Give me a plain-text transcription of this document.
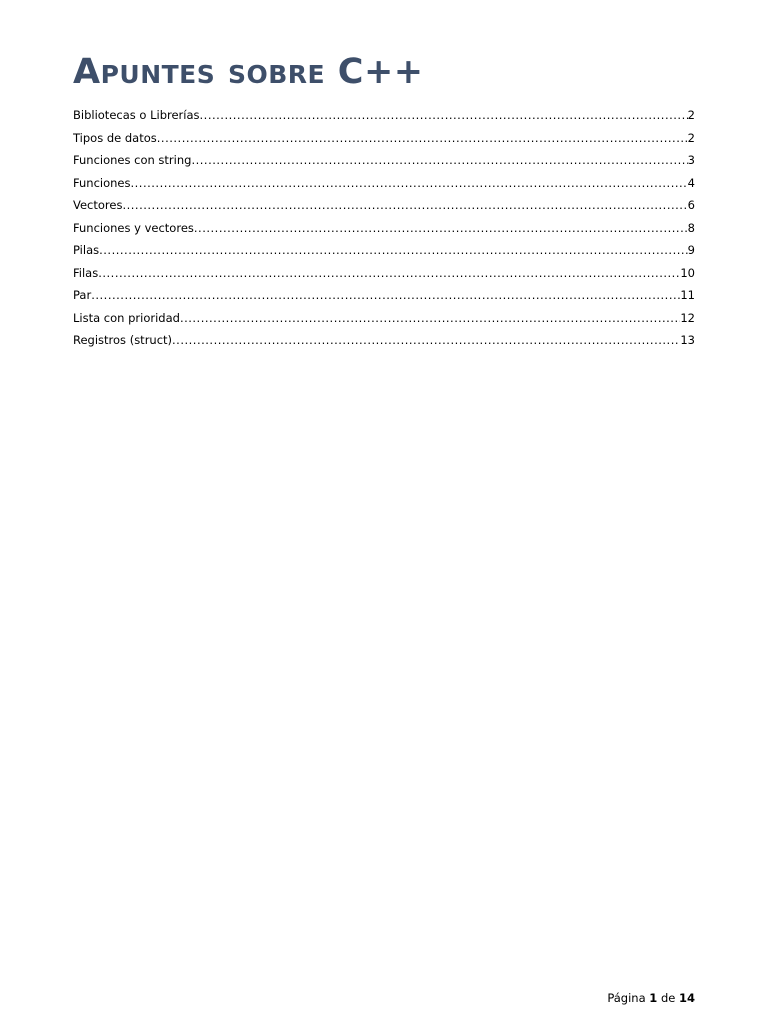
Apuntes sobre C++
Bibliotecas o Librerías .....	2
Tipos de datos .....	2
Funciones con string .....	3
Funciones .....	4
Vectores .....	6
Funciones y vectores .....	8
Pilas .....	9
Filas .....	10
Par .....	11
Lista con prioridad .....	12
Registros (struct) .....	13
Página 1 de 14
